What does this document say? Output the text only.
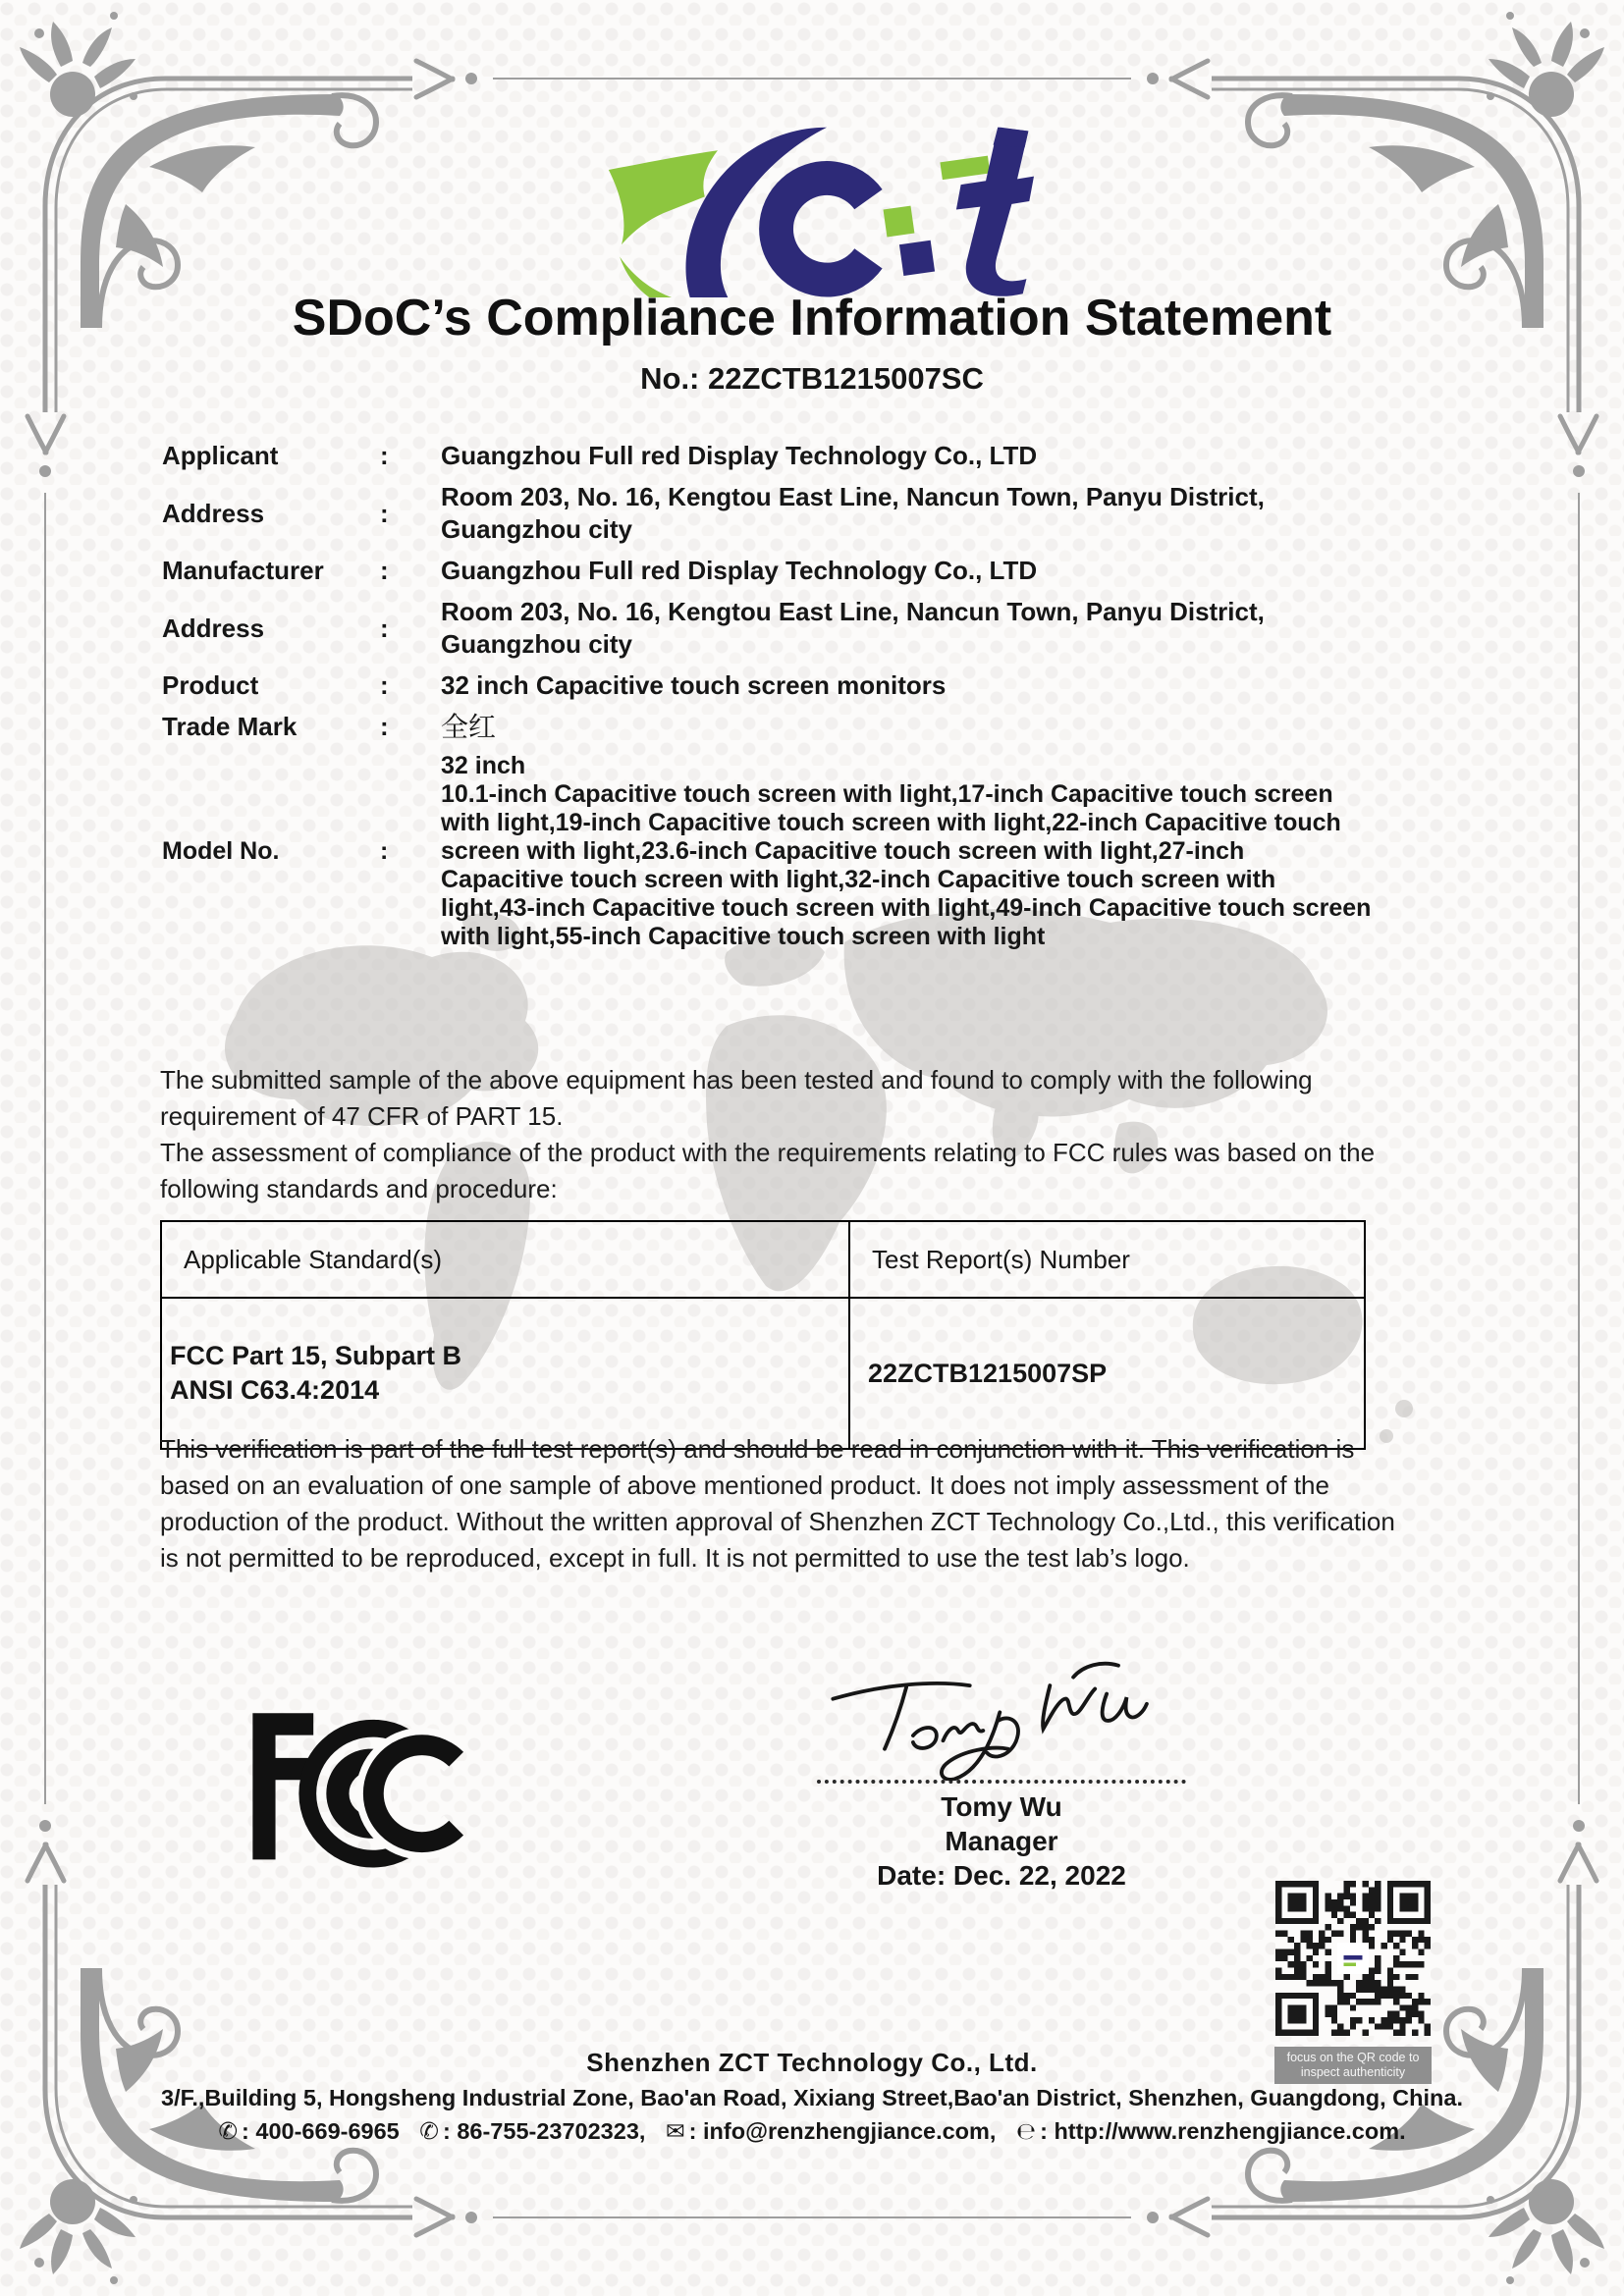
SDoC’s Compliance Information Statement
No.: 22ZCTB1215007SC
Applicant	:	Guangzhou Full red Display Technology Co., LTD
Address	:
Room 203, No. 16, Kengtou East Line, Nancun Town, Panyu District, Guangzhou city
Manufacturer	:	Guangzhou Full red Display Technology Co., LTD
Address	:
Room 203, No. 16, Kengtou East Line, Nancun Town, Panyu District, Guangzhou city
Product	:	32 inch Capacitive touch screen monitors
Trade Mark	:	全红
Model No.	:
32 inch
10.1-inch Capacitive touch screen with light,17-inch Capacitive touch screen with light,19-inch Capacitive touch screen with light,22-inch Capacitive touch screen with light,23.6-inch Capacitive touch screen with light,27-inch Capacitive touch screen with light,32-inch Capacitive touch screen with light,43-inch Capacitive touch screen with light,49-inch Capacitive touch screen with light,55-inch Capacitive touch screen with light

The submitted sample of the above equipment has been tested and found to comply with the following requirement of 47 CFR of PART 15.

The assessment of compliance of the product with the requirements relating to FCC rules was based on the following standards and procedure:

Applicable Standard(s)	Test Report(s) Number

FCC Part 15, Subpart B
ANSI C63.4:2014	22ZCTB1215007SP
This verification is part of the full test report(s) and should be read in conjunction with it. This verification is based on an evaluation of one sample of above mentioned product. It does not imply assessment of the production of the product. Without the written approval of Shenzhen ZCT Technology Co.,Ltd., this verification is not permitted to be reproduced, except in full. It is not permitted to use the test lab’s logo.
Tomy Wu
Manager
Date: Dec. 22, 2022
focus on the QR code to
inspect authenticity
Shenzhen ZCT Technology Co., Ltd.
3/F.,Building 5, Hongsheng Industrial Zone, Bao'an Road, Xixiang Street,Bao'an District, Shenzhen, Guangdong, China.
✆ : 400-669-6965 ✆ : 86-755-23702323, ✉ : info@renzhengjiance.com, ℮ : http://www.renzhengjiance.com.
